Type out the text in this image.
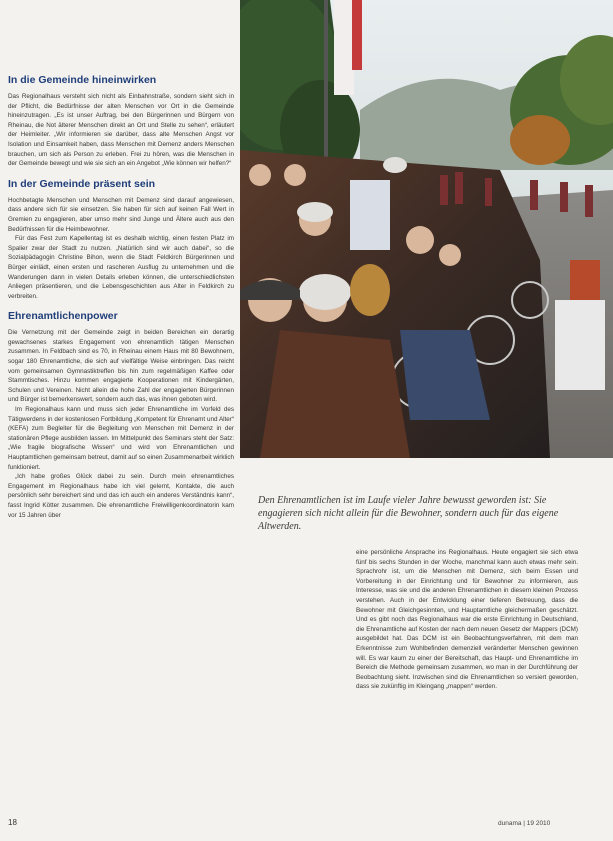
In die Gemeinde hineinwirken

Das Regionalhaus versteht sich nicht als Einbahnstraße, sondern sieht sich in der Pflicht, die Bedürfnisse der alten Menschen vor Ort in die Gemeinde hineinzutragen. „Es ist unser Auftrag, bei den Bürgerinnen und Bürgern von Rheinau, die Not älterer Menschen direkt an Ort und Stelle zu sehen“, erläutert der Heimleiter. „Wir informieren sie darüber, dass alte Menschen Angst vor Isolation und Einsamkeit haben, dass Menschen mit Demenz anders Menschen brauchen, um sich als Person zu erleben. Frei zu hören, was die Menschen in der Gemeinde bewegt und wie sie sich an ein Angebot „Wie können wir helfen?“

In der Gemeinde präsent sein

Hochbetagte Menschen und Menschen mit Demenz sind darauf angewiesen, dass andere sich für sie einsetzen. Sie haben für sich auf keinen Fall Wert in Gremien zu engagieren, aber umso mehr sind Junge und Ältere auch aus den Bedürfnissen für die Heimbewohner.

Für das Fest zum Kapellentag ist es deshalb wichtig, einen festen Platz im Spalier zwar der Stadt zu nutzen. „Natürlich sind wir auch dabei“, so die Sozialpädagogin Christine Bihon, wenn die Stadt Feldkirch Bürgerinnen und Bürger einlädt, einen ersten und rascheren Ausflug zu unternehmen und die Wanderungen dann in vielen Details erleben können, die unterschiedlichsten Anliegen präsentieren, und die Lebensgeschichten aus Alter in Feldkirch zu verbreiten.

Ehrenamtlichenpower

Die Vernetzung mit der Gemeinde zeigt in beiden Bereichen ein derartig gewachsenes starkes Engagement von ehrenamtlich tätigen Menschen zusammen. In Feldbach sind es 70, in Rheinau einem Haus mit 80 Bewohnern, sogar 180 Ehrenamtliche, die sich auf vielfältige Weise einbringen. Das reicht vom gemeinsamen Gymnastiktreffen bis hin zum regelmäßigen Kaffee oder Stammtisches. Hinzu kommen engagierte Kooperationen mit Kindergärten, Schulen und Vereinen. Nicht allein die hohe Zahl der engagierten Bürgerinnen und Bürger ist bemerkenswert, sondern auch das, was ihnen geboten wird.

Im Regionalhaus kann und muss sich jeder Ehrenamtliche im Vorfeld des Tätigwerdens in der kostenlosen Fortbildung „Kompetent für Ehrenamt und Alter“ (KEFA) zum Begleiter für die Begleitung von Menschen mit Demenz in der stationären Pflege ausbilden lassen. Im Mittelpunkt des Seminars steht der Satz: „Wie fragile biografische Wissen“ und wird von Ehrenamtlichen und Hauptamtlichen gemeinsam betreut, damit auf so einen Zusammenarbeit wirklich funktioniert.

„Ich habe großes Glück dabei zu sein. Durch mein ehrenamtliches Engagement im Regionalhaus habe ich viel gelernt, Kontakte, die auch persönlich sehr bereichert sind und das ich auch ein anderes Verständnis kann“, fasst Ingrid Kötter zusammen. Die ehrenamtliche Freiwilligenkoordinatorin kam vor 15 Jahren über

Den Ehrenamtlichen ist im Laufe vieler Jahre bewusst geworden ist: Sie engagieren sich nicht allein für die Bewohner, sondern auch für das eigene Altwerden.

eine persönliche Ansprache ins Regionalhaus. Heute engagiert sie sich etwa fünf bis sechs Stunden in der Woche, manchmal kann auch etwas mehr sein. Sprachrohr ist, um die Menschen mit Demenz, sich beim Essen und Vorbereitung in der Einrichtung und für Bewohner zu informieren, aus Interesse, was sie und die anderen Ehrenamtlichen in diesem kleinen Prozess verstehen. Auch in der Entwicklung einer tieferen Betreuung, dass die Bewohner mit Gleichgesinnten, und Hauptamtliche gleichermaßen geschätzt. Und es gibt noch das Regionalhaus war die erste Einrichtung in Deutschland, die Ehrenamtliche auf Kosten der nach dem neuen Gesetz der Mappers (DCM) ausgebildet hat. Das DCM ist ein Beobachtungsverfahren, mit dem man Erkenntnisse zum Wohlbefinden demenziell veränderter Menschen gewinnen will. Es war kaum zu einer der Bereitschaft, das Haupt- und Ehrenamtliche im Bereich die Methode gemeinsam zusammen, wo man in der Durchführung der Beobachtung sieht. Inzwischen sind die Ehrenamtlichen so versiert geworden, dass sie zukünftig im Kleingang „mappen“ werden.

18	dunama | 19 2010
